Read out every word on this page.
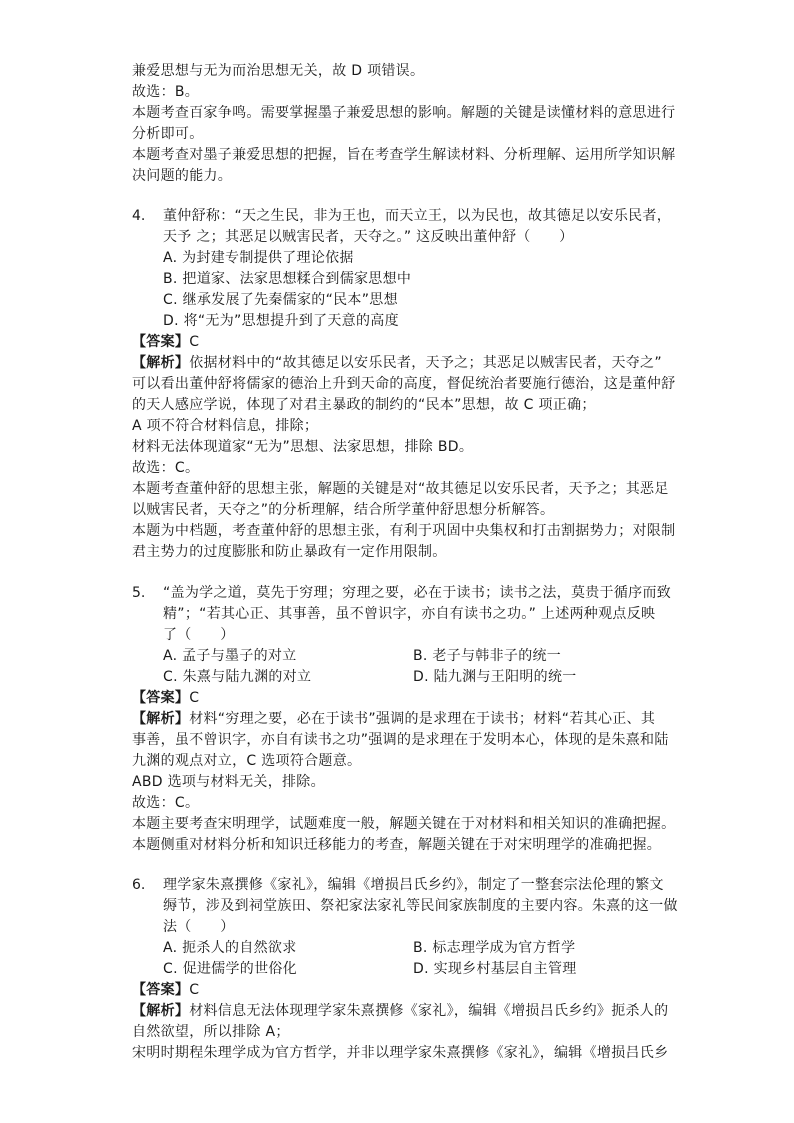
兼爱思想与无为而治思想无关，故 D 项错误。
故选：B。
本题考查百家争鸣。需要掌握墨子兼爱思想的影响。解题的关键是读懂材料的意思进行
分析即可。
本题考查对墨子兼爱思想的把握，旨在考查学生解读材料、分析理解、运用所学知识解
决问题的能力。
4. 董仲舒称：“天之生民，非为王也，而天立王，以为民也，故其德足以安乐民者，
天予 之；其恶足以贼害民者，天夺之。” 这反映出董仲舒（　　）
A. 为封建专制提供了理论依据
B. 把道家、法家思想糅合到儒家思想中
C. 继承发展了先秦儒家的“民本”思想
D. 将“无为”思想提升到了天意的高度
【答案】C
【解析】依据材料中的“故其德足以安乐民者，天予之；其恶足以贼害民者，天夺之”
可以看出董仲舒将儒家的德治上升到天命的高度，督促统治者要施行德治，这是董仲舒
的天人感应学说，体现了对君主暴政的制约的“民本”思想，故 C 项正确；
A 项不符合材料信息，排除；
材料无法体现道家“无为”思想、法家思想，排除 BD。
故选：C。
本题考查董仲舒的思想主张，解题的关键是对“故其德足以安乐民者，天予之；其恶足
以贼害民者，天夺之”的分析理解，结合所学董仲舒思想分析解答。
本题为中档题，考查董仲舒的思想主张，有利于巩固中央集权和打击割据势力；对限制
君主势力的过度膨胀和防止暴政有一定作用限制。
5. “盖为学之道，莫先于穷理；穷理之要，必在于读书；读书之法，莫贵于循序而致
精”；“若其心正、其事善，虽不曾识字，亦自有读书之功。” 上述两种观点反映
了（　　）
A. 孟子与墨子的对立	B. 老子与韩非子的统一
C. 朱熹与陆九渊的对立	D. 陆九渊与王阳明的统一
【答案】C
【解析】材料“穷理之要，必在于读书”强调的是求理在于读书；材料“若其心正、其
事善，虽不曾识字，亦自有读书之功”强调的是求理在于发明本心，体现的是朱熹和陆
九渊的观点对立，C 选项符合题意。
ABD 选项与材料无关，排除。
故选：C。
本题主要考查宋明理学，试题难度一般，解题关键在于对材料和相关知识的准确把握。
本题侧重对材料分析和知识迁移能力的考查，解题关键在于对宋明理学的准确把握。
6. 理学家朱熹撰修《家礼》，编辑《增损吕氏乡约》，制定了一整套宗法伦理的繁文
缛节，涉及到祠堂族田、祭祀家法家礼等民间家族制度的主要内容。朱熹的这一做
法（　　）
A. 扼杀人的自然欲求	B. 标志理学成为官方哲学
C. 促进儒学的世俗化	D. 实现乡村基层自主管理
【答案】C
【解析】材料信息无法体现理学家朱熹撰修《家礼》，编辑《增损吕氏乡约》扼杀人的
自然欲望，所以排除 A；
宋明时期程朱理学成为官方哲学，并非以理学家朱熹撰修《家礼》，编辑《增损吕氏乡
